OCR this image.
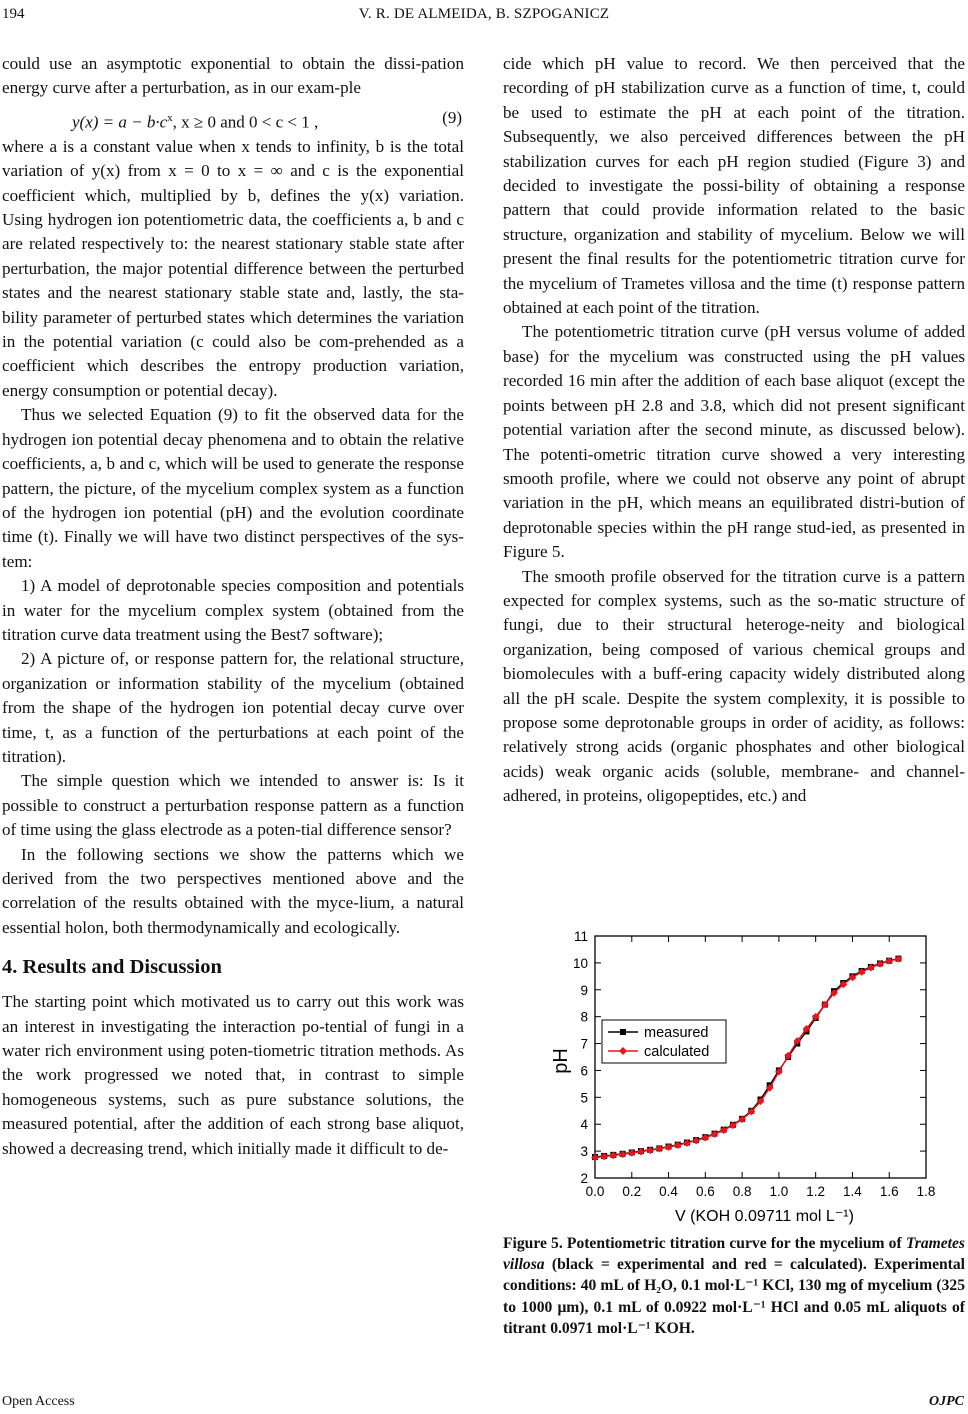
194	V. R. DE ALMEIDA, B. SZPOGANICZ

could use an asymptotic exponential to obtain the dissi-pation energy curve after a perturbation, as in our exam-ple

$y(x) = a - b\cdot c^x$, x ≥ 0 and 0 < c < 1 ,	(9)

where a is a constant value when x tends to infinity, b is the total variation of y(x) from x = 0 to x = ∞ and c is the exponential coefficient which, multiplied by b, defines the y(x) variation. Using hydrogen ion potentiometric data, the coefficients a, b and c are related respectively to: the nearest stationary stable state after perturbation, the major potential difference between the perturbed states and the nearest stationary stable state and, lastly, the sta-bility parameter of perturbed states which determines the variation in the potential variation (c could also be com-prehended as a coefficient which describes the entropy production variation, energy consumption or potential decay).

Thus we selected Equation (9) to fit the observed data for the hydrogen ion potential decay phenomena and to obtain the relative coefficients, a, b and c, which will be used to generate the response pattern, the picture, of the mycelium complex system as a function of the hydrogen ion potential (pH) and the evolution coordinate time (t). Finally we will have two distinct perspectives of the sys-tem:

1) A model of deprotonable species composition and potentials in water for the mycelium complex system (obtained from the titration curve data treatment using the Best7 software);

2) A picture of, or response pattern for, the relational structure, organization or information stability of the mycelium (obtained from the shape of the hydrogen ion potential decay curve over time, t, as a function of the perturbations at each point of the titration).

The simple question which we intended to answer is: Is it possible to construct a perturbation response pattern as a function of time using the glass electrode as a poten-tial difference sensor?

In the following sections we show the patterns which we derived from the two perspectives mentioned above and the correlation of the results obtained with the myce-lium, a natural essential holon, both thermodynamically and ecologically.

4. Results and Discussion

The starting point which motivated us to carry out this work was an interest in investigating the interaction po-tential of fungi in a water rich environment using poten-tiometric titration methods. As the work progressed we noted that, in contrast to simple homogeneous systems, such as pure substance solutions, the measured potential, after the addition of each strong base aliquot, showed a decreasing trend, which initially made it difficult to de-

cide which pH value to record. We then perceived that the recording of pH stabilization curve as a function of time, t, could be used to estimate the pH at each point of the titration. Subsequently, we also perceived differences between the pH stabilization curves for each pH region studied (Figure 3) and decided to investigate the possi-bility of obtaining a response pattern that could provide information related to the basic structure, organization and stability of mycelium. Below we will present the final results for the potentiometric titration curve for the mycelium of Trametes villosa and the time (t) response pattern obtained at each point of the titration.

The potentiometric titration curve (pH versus volume of added base) for the mycelium was constructed using the pH values recorded 16 min after the addition of each base aliquot (except the points between pH 2.8 and 3.8, which did not present significant potential variation after the second minute, as discussed below). The potenti-ometric titration curve showed a very interesting smooth profile, where we could not observe any point of abrupt variation in the pH, which means an equilibrated distri-bution of deprotonable species within the pH range stud-ied, as presented in Figure 5.

The smooth profile observed for the titration curve is a pattern expected for complex systems, such as the so-matic structure of fungi, due to their structural heteroge-neity and biological organization, being composed of various chemical groups and biomolecules with a buff-ering capacity widely distributed along all the pH scale. Despite the system complexity, it is possible to propose some deprotonable groups in order of acidity, as follows: relatively strong acids (organic phosphates and other biological acids) weak organic acids (soluble, membrane- and channel-adhered, in proteins, oligopeptides, etc.) and

0.0 0.2 0.4 0.6 0.8 1.0 1.2 1.4 1.6 1.8
2
3
4
5
6
7
8
9
10
11
V (KOH 0.09711 mol L⁻¹)
pH
measured
calculated
Figure 5. Potentiometric titration curve for the mycelium of Trametes villosa (black = experimental and red = calculated). Experimental conditions: 40 mL of H₂O, 0.1 mol·L⁻¹ KCl, 130 mg of mycelium (325 to 1000 μm), 0.1 mL of 0.0922 mol·L⁻¹ HCl and 0.05 mL aliquots of titrant 0.0971 mol·L⁻¹ KOH.
Open Access	OJPC
